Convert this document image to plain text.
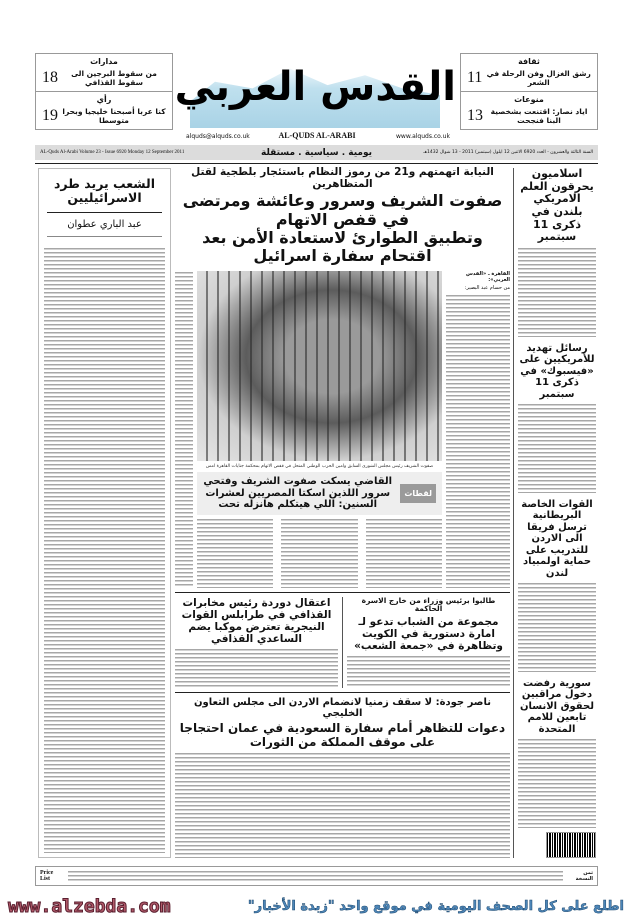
مدارات
من سقوط البرجين الى سقوط القذافي
18
رأي
كنا عربا أصبحنا خليجيا وبحرا متوسطا
19
ثقافة
رشق الغزال وفن الرحلة في الشعر
11
منوعات
اياد نصار: اقتنعت بشخصية البنا فنجحت
13
القدس العربي
alquds@alquds.co.uk	AL-QUDS AL-ARABI	www.alquds.co.uk
AL-Quds Al-Arabi Volume 23 - Issue 6920 Monday 12 September 2011	يومية . سياسية . مستقلة	السنة الثالثة والعشرون - العدد 6920 الاثنين 12 ايلول (سبتمبر) 2011 - 13 شوال 1432هـ
الشعب يريد طرد الاسرائيليين
عبد الباري عطوان
النيابة اتهمتهم و21 من رموز النظام باستئجار بلطجية لقتل المتظاهرين
صفوت الشريف وسرور وعائشة ومرتضى في قفص الاتهام
وتطبيق الطوارئ لاستعادة الأمن بعد اقتحام سفارة اسرائيل
صفوت الشريف رئيس مجلس الشورى السابق وامين الحزب الوطني المنحل في قفص الاتهام بمحكمة جنايات القاهرة امس
لقطات
القاضي يسكت صفوت الشريف وفتحي سرور اللذين اسكتا المصريين لعشرات السنين: اللي هيتكلم هانزله تحت
القاهرة ـ «القدس العربي»:
من حسام عبد البصير:
اعتقال دوردة رئيس مخابرات القذافي في طرابلس القوات النيجرية تعترض موكبا يضم الساعدي القذافي
طالبوا برئيس وزراء من خارج الاسرة الحاكمة
مجموعة من الشباب تدعو لـ امارة دستورية في الكويت وتظاهرة في «جمعة الشعب»
ناصر جودة: لا سقف زمنيا لانضمام الاردن الى مجلس التعاون الخليجي
دعوات للتظاهر أمام سفارة السعودية في عمان احتجاجا على موقف المملكة من الثورات
اسلاميون يحرقون العلم الامريكي بلندن في ذكرى 11 سبتمبر
رسائل تهديد للأمريكيين على «فيسبوك» في ذكرى 11 سبتمبر
القوات الخاصة البريطانية ترسل فريقا الى الاردن للتدريب على حماية اولمبياد لندن
سورية رفضت دخول مراقبين لحقوق الانسان تابعين للامم المتحدة
Price List
ثمن النسخة
www.alzebda.com	اطلع على كل الصحف اليومية في موقع واحد "زبدة الأخبار"
